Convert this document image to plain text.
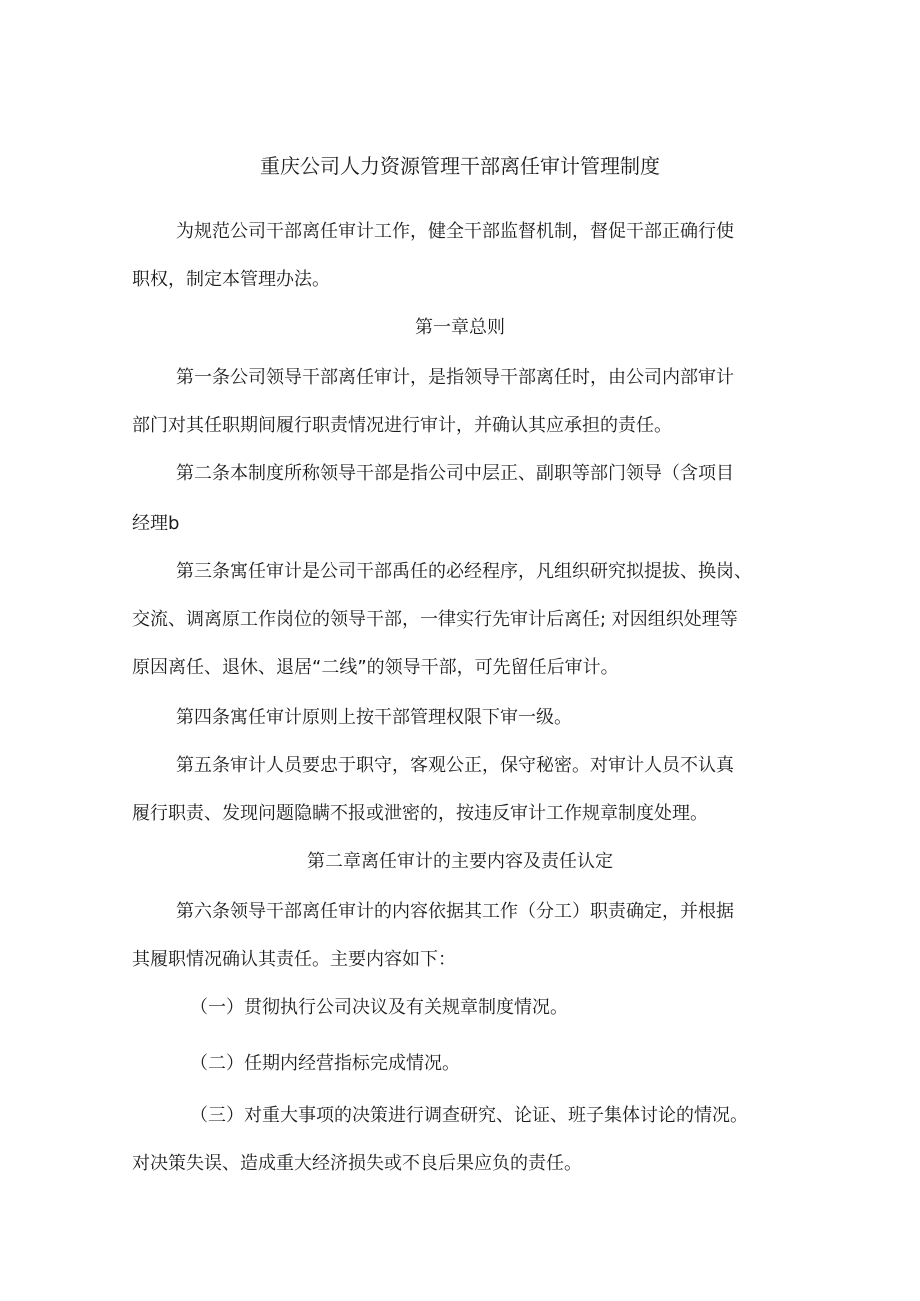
重庆公司人力资源管理干部离任审计管理制度
为规范公司干部离任审计工作，健全干部监督机制，督促干部正确行使
职权，制定本管理办法。
第一章总则
第一条公司领导干部离任审计，是指领导干部离任时，由公司内部审计
部门对其任职期间履行职责情况进行审计，并确认其应承担的责任。
第二条本制度所称领导干部是指公司中层正、副职等部门领导（含项目
经理b
第三条寓任审计是公司干部禹任的必经程序，凡组织研究拟提拔、换岗、
交流、调离原工作岗位的领导干部，一律实行先审计后离任; 对因组织处理等
原因离任、退休、退居“二线”的领导干部，可先留任后审计。
第四条寓任审计原则上按干部管理权限下审一级。
第五条审计人员要忠于职守，客观公正，保守秘密。对审计人员不认真
履行职责、发现问题隐瞒不报或泄密的，按违反审计工作规章制度处理。
第二章离任审计的主要内容及责任认定
第六条领导干部离任审计的内容依据其工作（分工）职责确定，并根据
其履职情况确认其责任。主要内容如下：
（一）贯彻执行公司决议及有关规章制度情况。
（二）任期内经营指标完成情况。
（三）对重大事项的决策进行调查研究、论证、班子集体讨论的情况。
对决策失误、造成重大经济损失或不良后果应负的责任。
